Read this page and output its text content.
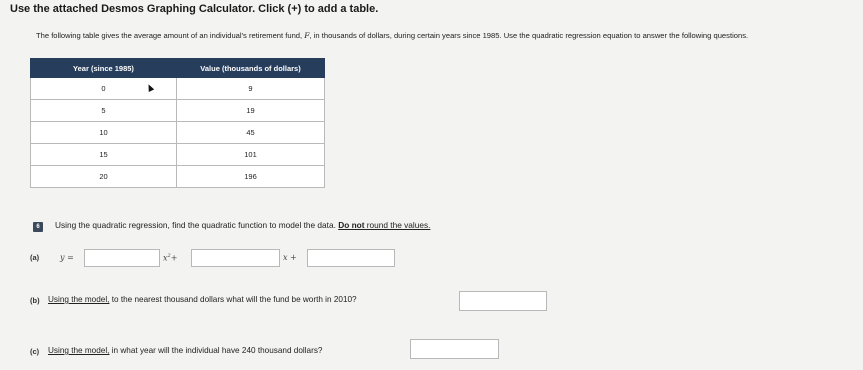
Use the attached Desmos Graphing Calculator. Click (+) to add a table.
The following table gives the average amount of an individual's retirement fund, F, in thousands of dollars, during certain years since 1985. Use the quadratic regression equation to answer the following questions.
Year (since 1985)	Value (thousands of dollars)
0	9
5	19
10	45
15	101
20	196
6	Using the quadratic regression, find the quadratic function to model the data. Do not round the values.
(a)	y =	$x^2+$	x +
(b) Using the model, to the nearest thousand dollars what will the fund be worth in 2010?
(c) Using the model, in what year will the individual have 240 thousand dollars?
